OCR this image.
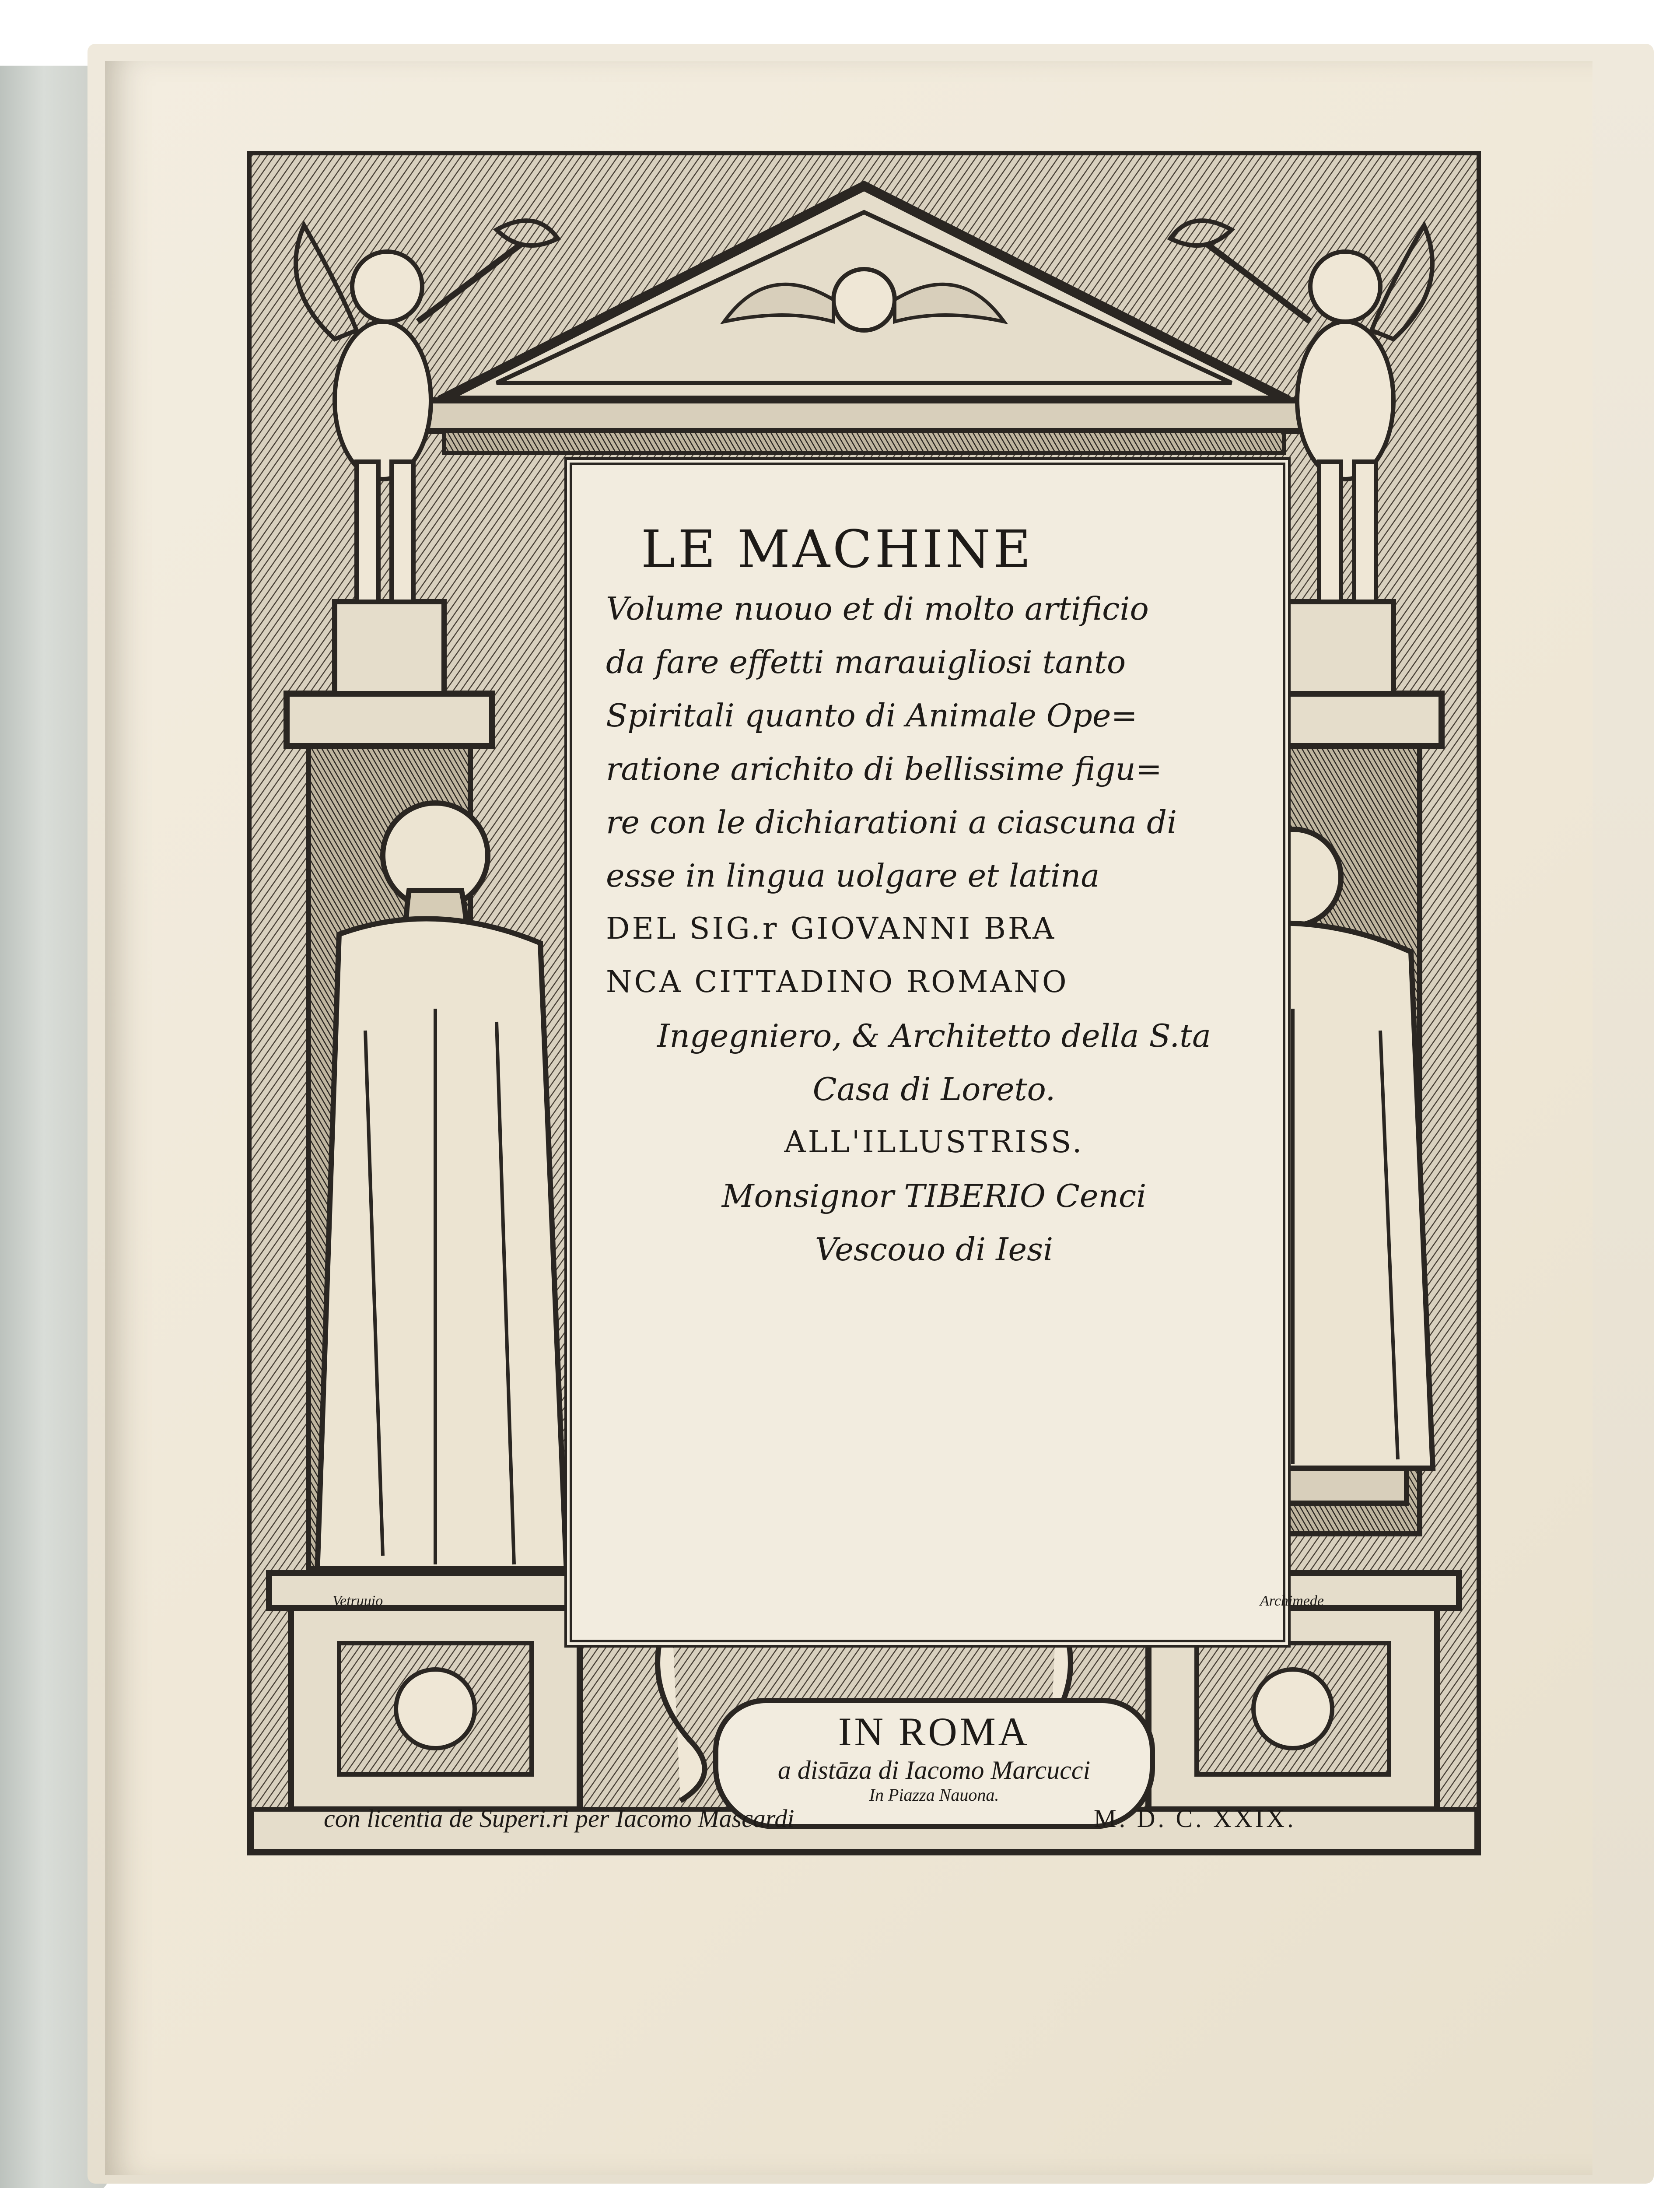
LE MACHINE
Volume nuouo et di molto artificio
da fare effetti marauigliosi tanto
Spiritali quanto di Animale Ope=
ratione arichito di bellissime figu=
re con le dichiarationi a ciascuna di
esse in lingua uolgare et latina
DEL SIG.r GIOVANNI BRA
NCA CITTADINO ROMANO
Ingegniero, & Architetto della S.ta
Casa di Loreto.
ALL'ILLUSTRISS.
Monsignor TIBERIO Cenci
Vescouo di Iesi
IN ROMA
a distāza di Iacomo Marcucci
In Piazza Nauona.
Vetruuio	Archimede
con licentia de Superi.ri per Iacomo Mascardi	M. D. C. XXIX.
